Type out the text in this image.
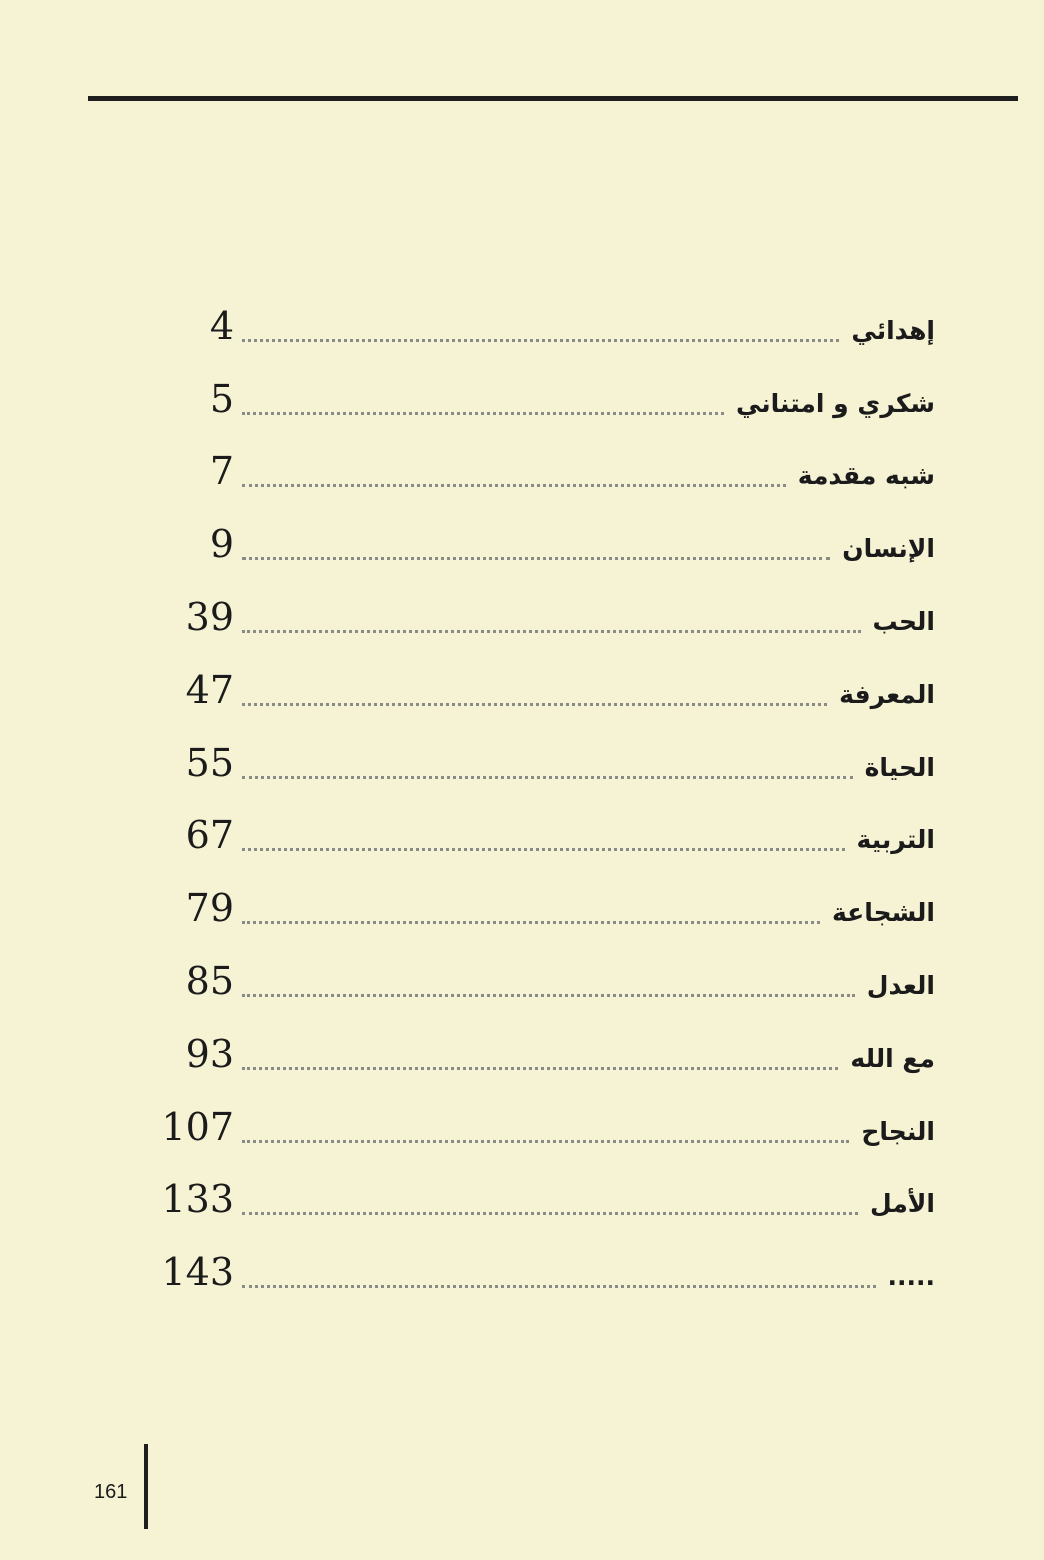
إهدائي
4
شكري و امتناني
5
شبه مقدمة
7
الإنسان
9
الحب
39
المعرفة
47
الحياة
55
التربية
67
الشجاعة
79
العدل
85
مع الله
93
النجاح
107
الأمل
133
.....
143
161
